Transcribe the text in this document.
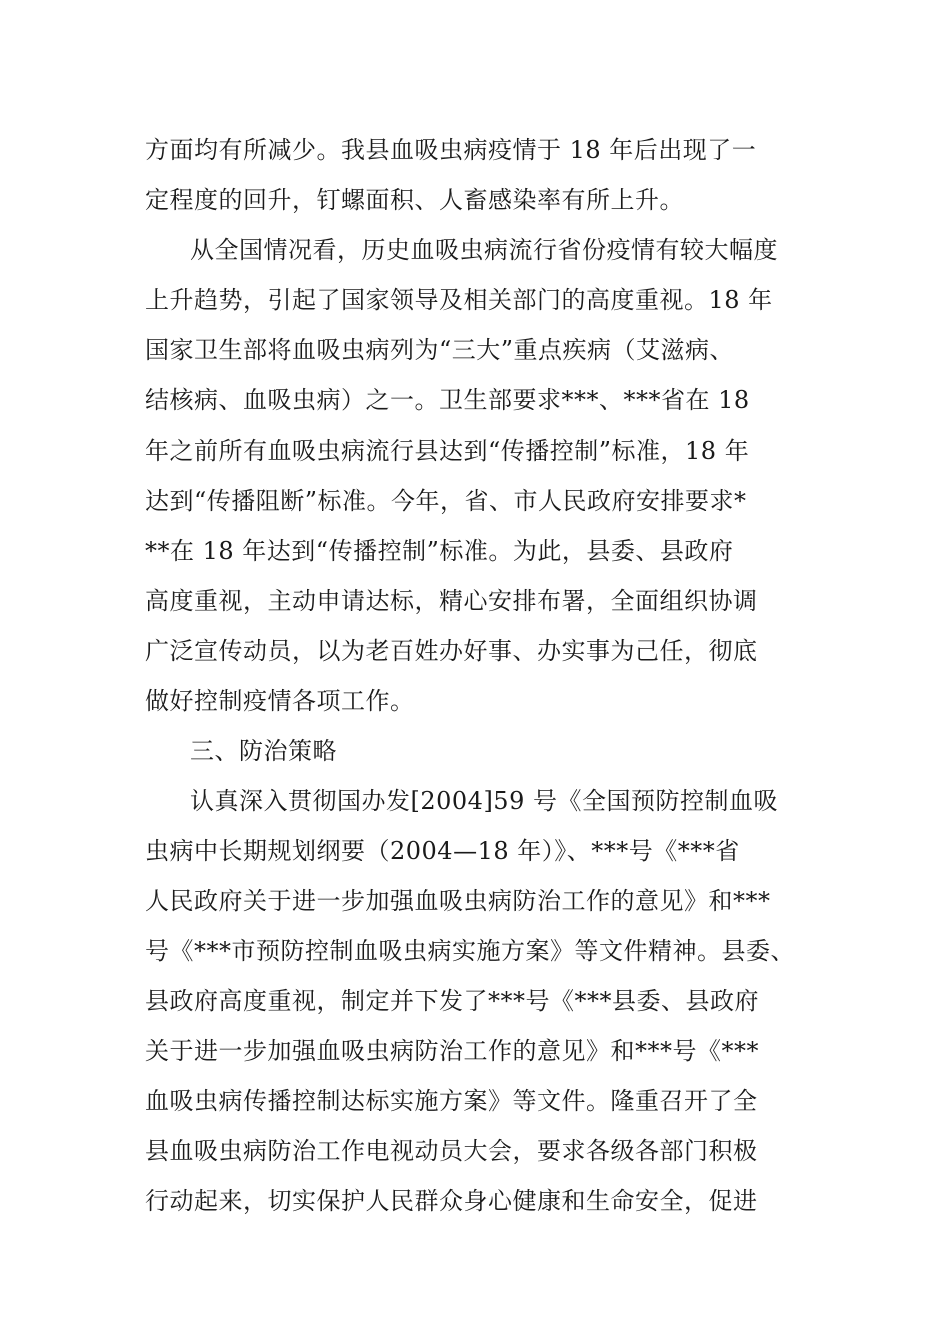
方面均有所减少。我县血吸虫病疫情于 18 年后出现了一
定程度的回升，钉螺面积、人畜感染率有所上升。
从全国情况看，历史血吸虫病流行省份疫情有较大幅度
上升趋势，引起了国家领导及相关部门的高度重视。18 年
国家卫生部将血吸虫病列为“三大”重点疾病（艾滋病、
结核病、血吸虫病）之一。卫生部要求***、***省在 18
年之前所有血吸虫病流行县达到“传播控制”标准，18 年
达到“传播阻断”标准。今年，省、市人民政府安排要求*
**在 18 年达到“传播控制”标准。为此，县委、县政府
高度重视，主动申请达标，精心安排布署，全面组织协调
广泛宣传动员，以为老百姓办好事、办实事为己任，彻底
做好控制疫情各项工作。
三、防治策略
认真深入贯彻国办发[2004]59 号《全国预防控制血吸
虫病中长期规划纲要（2004—18 年）》、***号《***省
人民政府关于进一步加强血吸虫病防治工作的意见》和***
号《***市预防控制血吸虫病实施方案》等文件精神。县委、
县政府高度重视，制定并下发了***号《***县委、县政府
关于进一步加强血吸虫病防治工作的意见》和***号《***
血吸虫病传播控制达标实施方案》等文件。隆重召开了全
县血吸虫病防治工作电视动员大会，要求各级各部门积极
行动起来，切实保护人民群众身心健康和生命安全，促进
